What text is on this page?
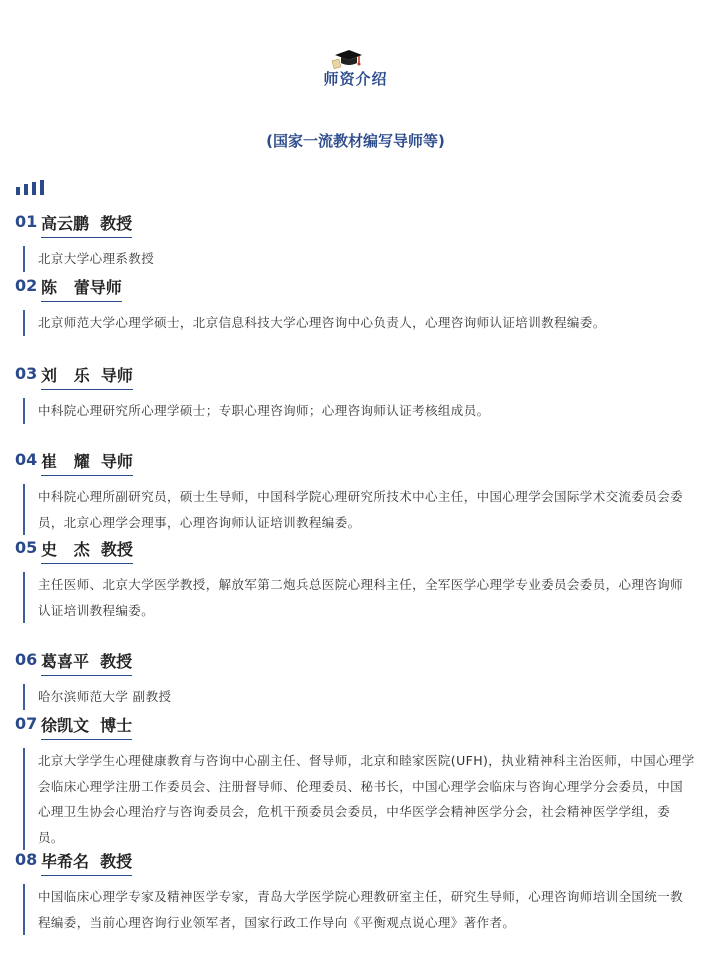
师资介绍
(国家一流教材编写导师等)
01 高云鹏  教授
北京大学心理系教授
02 陈   蕾导师
北京师范大学心理学硕士，北京信息科技大学心理咨询中心负责人，心理咨询师认证培训教程编委。
03 刘   乐  导师
中科院心理研究所心理学硕士；专职心理咨询师；心理咨询师认证考核组成员。
04 崔   耀  导师
中科院心理所副研究员，硕士生导师，中国科学院心理研究所技术中心主任，中国心理学会国际学术交流委员会委员，北京心理学会理事，心理咨询师认证培训教程编委。
05 史   杰  教授
主任医师、北京大学医学教授，解放军第二炮兵总医院心理科主任，全军医学心理学专业委员会委员，心理咨询师认证培训教程编委。
06 葛喜平  教授
哈尔滨师范大学 副教授
07 徐凯文  博士
北京大学学生心理健康教育与咨询中心副主任、督导师，北京和睦家医院(UFH)，执业精神科主治医师，中国心理学会临床心理学注册工作委员会、注册督导师、伦理委员、秘书长，中国心理学会临床与咨询心理学分会委员，中国心理卫生协会心理治疗与咨询委员会，危机干预委员会委员，中华医学会精神医学分会，社会精神医学学组，委员。
08 毕希名  教授
中国临床心理学专家及精神医学专家，青岛大学医学院心理教研室主任，研究生导师，心理咨询师培训全国统一教程编委，当前心理咨询行业领军者，国家行政工作导向《平衡观点说心理》著作者。
